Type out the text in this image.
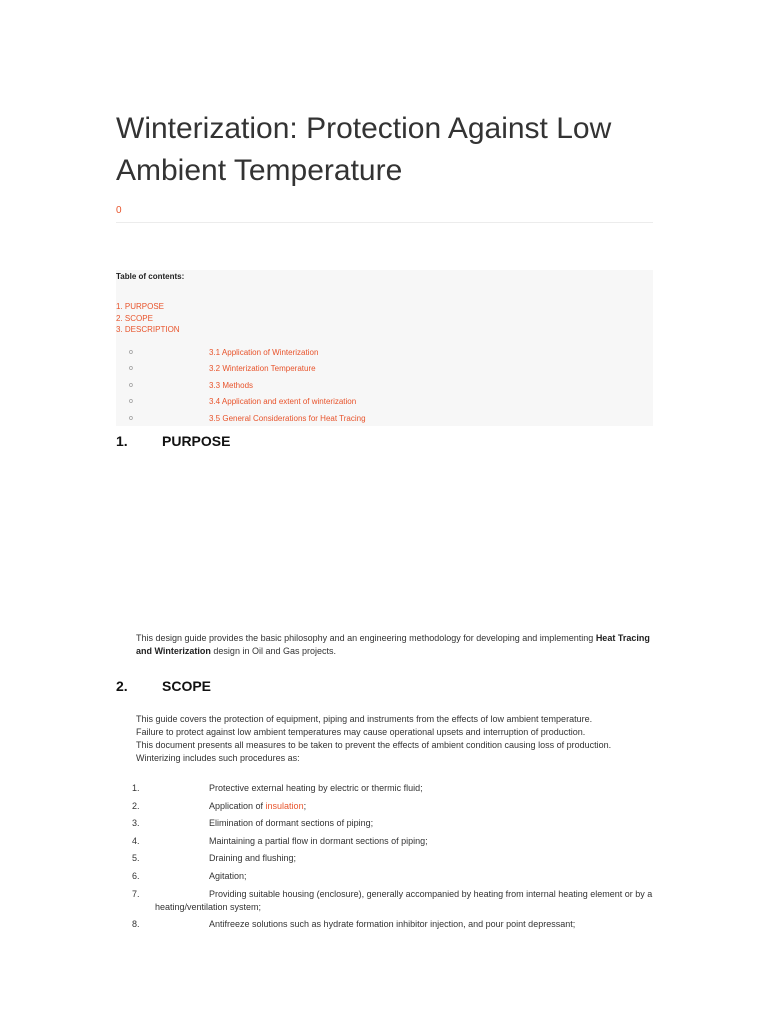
Winterization: Protection Against Low Ambient Temperature
0
Table of contents:
1. PURPOSE
2. SCOPE
3. DESCRIPTION
o	3.1 Application of Winterization
o	3.2 Winterization Temperature
o	3.3 Methods
o	3.4 Application and extent of winterization
o	3.5 General Considerations for Heat Tracing
1. PURPOSE

This design guide provides the basic philosophy and an engineering methodology for developing and implementing Heat Tracing and Winterization design in Oil and Gas projects.

2. SCOPE

This guide covers the protection of equipment, piping and instruments from the effects of low ambient temperature.
Failure to protect against low ambient temperatures may cause operational upsets and interruption of production.
This document presents all measures to be taken to prevent the effects of ambient condition causing loss of production.
Winterizing includes such procedures as:

1.	Protective external heating by electric or thermic fluid;
2.	Application of insulation;
3.	Elimination of dormant sections of piping;
4.	Maintaining a partial flow in dormant sections of piping;
5.	Draining and flushing;
6.	Agitation;
7.	Providing suitable housing (enclosure), generally accompanied by heating from internal heating element or by a heating/ventilation system;
8.	Antifreeze solutions such as hydrate formation inhibitor injection, and pour point depressant;
